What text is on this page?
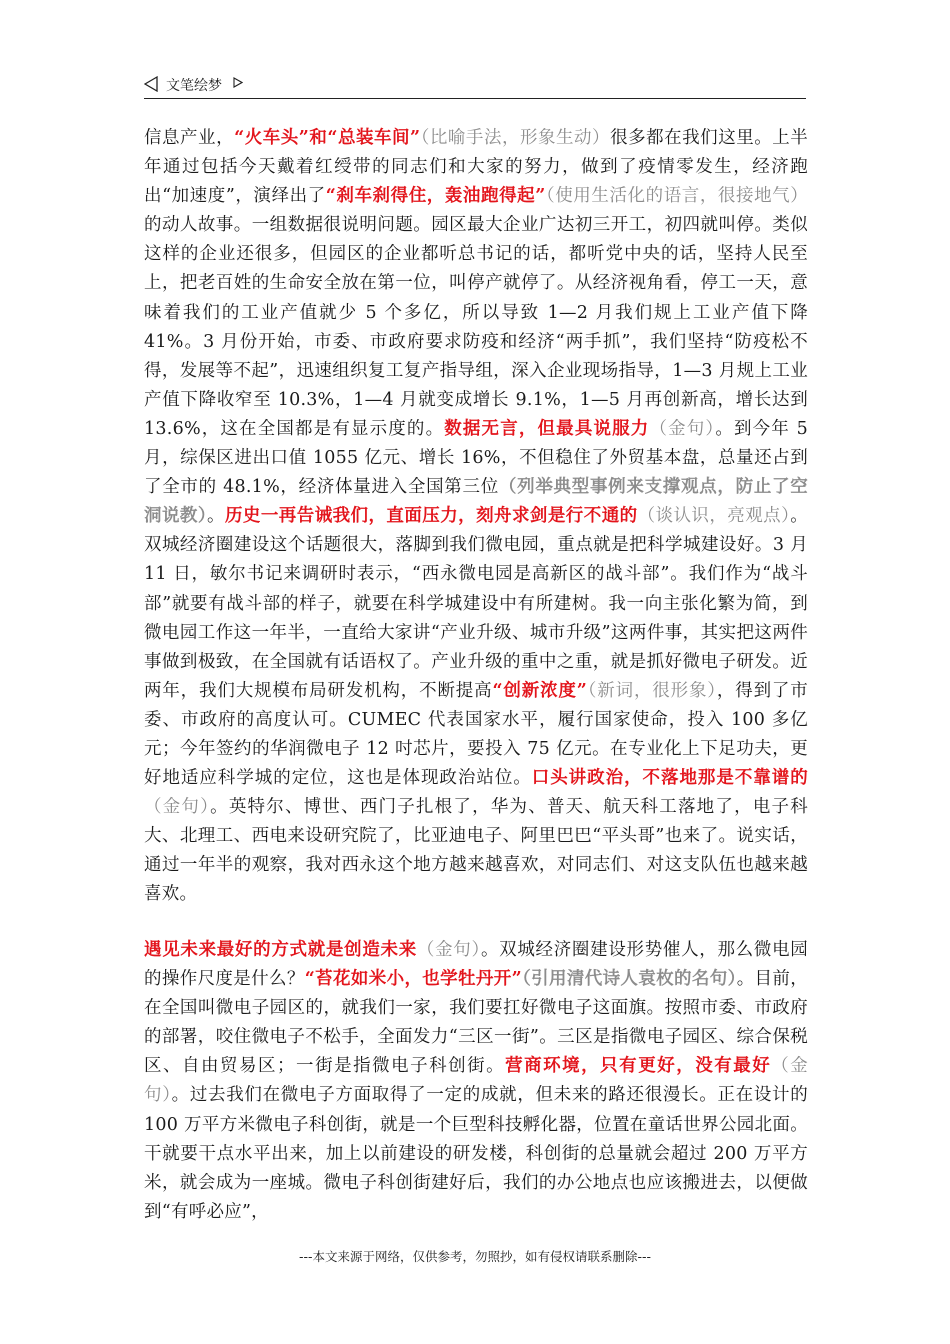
文笔绘梦
信息产业，“火车头”和“总装车间”（比喻手法，形象生动）很多都在我们这里。上半年通过包括今天戴着红绶带的同志们和大家的努力，做到了疫情零发生，经济跑出“加速度”，演绎出了“刹车刹得住，轰油跑得起”（使用生活化的语言，很接地气）的动人故事。一组数据很说明问题。园区最大企业广达初三开工，初四就叫停。类似这样的企业还很多，但园区的企业都听总书记的话，都听党中央的话，坚持人民至上，把老百姓的生命安全放在第一位，叫停产就停了。从经济视角看，停工一天，意味着我们的工业产值就少 5 个多亿，所以导致 1—2 月我们规上工业产值下降 41%。3 月份开始，市委、市政府要求防疫和经济“两手抓”，我们坚持“防疫松不得，发展等不起”，迅速组织复工复产指导组，深入企业现场指导，1—3 月规上工业产值下降收窄至 10.3%，1—4 月就变成增长 9.1%，1—5 月再创新高，增长达到 13.6%，这在全国都是有显示度的。数据无言，但最具说服力（金句）。到今年 5 月，综保区进出口值 1055 亿元、增长 16%，不但稳住了外贸基本盘，总量还占到了全市的 48.1%，经济体量进入全国第三位（列举典型事例来支撑观点，防止了空洞说教）。历史一再告诫我们，直面压力，刻舟求剑是行不通的（谈认识，亮观点）。双城经济圈建设这个话题很大，落脚到我们微电园，重点就是把科学城建设好。3 月 11 日，敏尔书记来调研时表示，“西永微电园是高新区的战斗部”。我们作为“战斗部”就要有战斗部的样子，就要在科学城建设中有所建树。我一向主张化繁为简，到微电园工作这一年半，一直给大家讲“产业升级、城市升级”这两件事，其实把这两件事做到极致，在全国就有话语权了。产业升级的重中之重，就是抓好微电子研发。近两年，我们大规模布局研发机构，不断提高“创新浓度”（新词，很形象），得到了市委、市政府的高度认可。CUMEC 代表国家水平，履行国家使命，投入 100 多亿元；今年签约的华润微电子 12 吋芯片，要投入 75 亿元。在专业化上下足功夫，更好地适应科学城的定位，这也是体现政治站位。口头讲政治，不落地那是不靠谱的（金句）。英特尔、博世、西门子扎根了，华为、普天、航天科工落地了，电子科大、北理工、西电来设研究院了，比亚迪电子、阿里巴巴“平头哥”也来了。说实话，通过一年半的观察，我对西永这个地方越来越喜欢，对同志们、对这支队伍也越来越喜欢。
遇见未来最好的方式就是创造未来（金句）。双城经济圈建设形势催人，那么微电园的操作尺度是什么？“苔花如米小，也学牡丹开”（引用清代诗人袁枚的名句）。目前，在全国叫微电子园区的，就我们一家，我们要扛好微电子这面旗。按照市委、市政府的部署，咬住微电子不松手，全面发力“三区一街”。三区是指微电子园区、综合保税区、自由贸易区；一街是指微电子科创街。营商环境，只有更好，没有最好（金句）。过去我们在微电子方面取得了一定的成就，但未来的路还很漫长。正在设计的 100 万平方米微电子科创街，就是一个巨型科技孵化器，位置在童话世界公园北面。干就要干点水平出来，加上以前建设的研发楼，科创街的总量就会超过 200 万平方米，就会成为一座城。微电子科创街建好后，我们的办公地点也应该搬进去，以便做到“有呼必应”，
---本文来源于网络，仅供参考，勿照抄，如有侵权请联系删除---
